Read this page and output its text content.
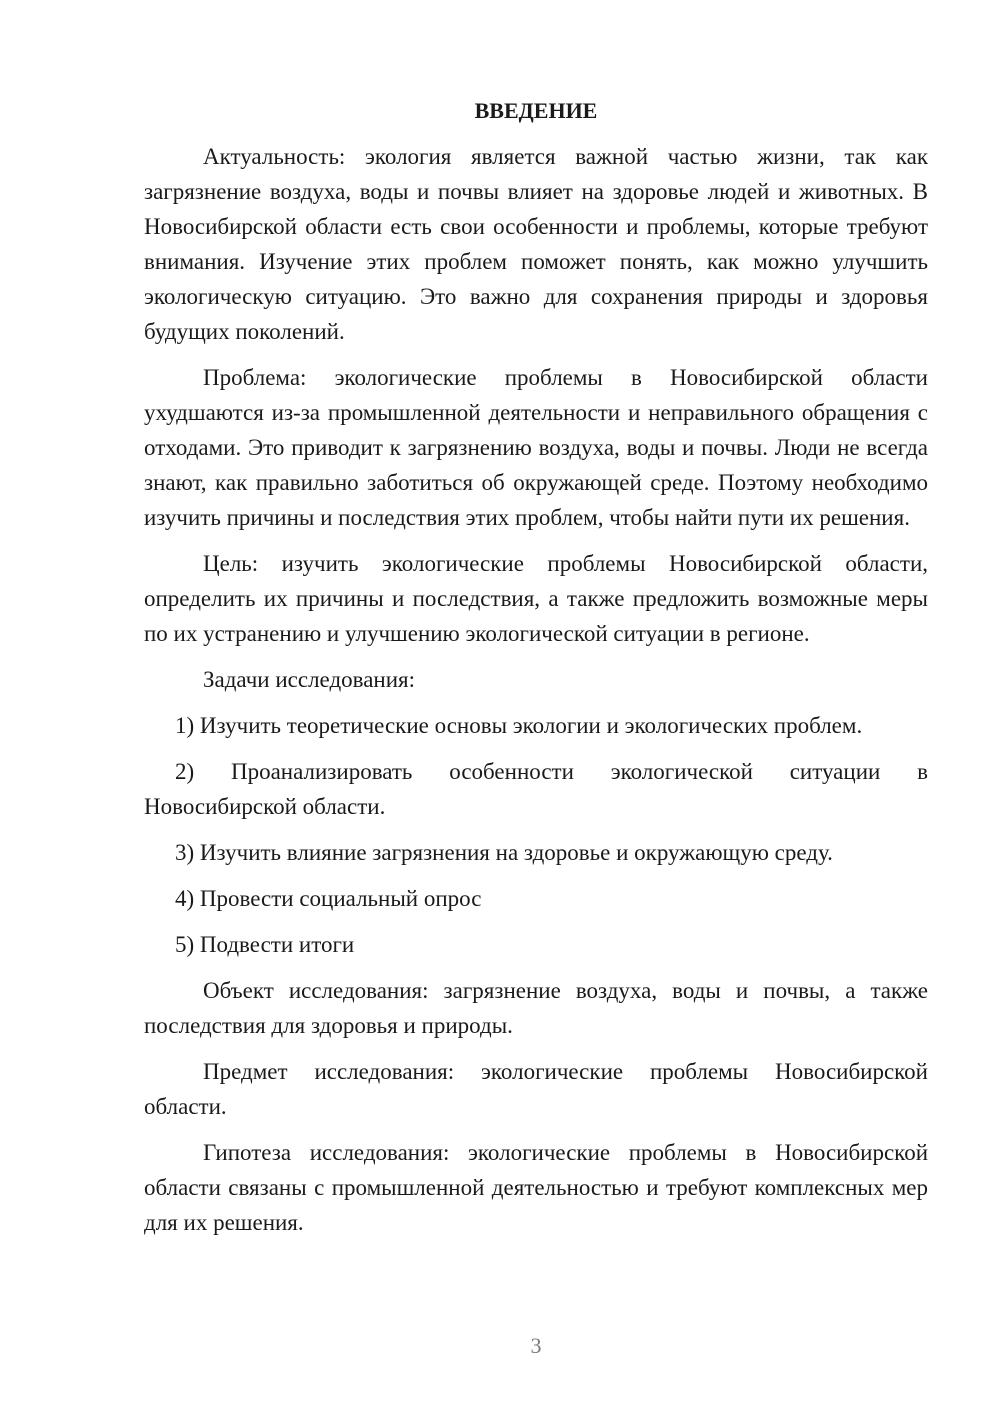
ВВЕДЕНИЕ

Актуальность: экология является важной частью жизни, так как загрязнение воздуха, воды и почвы влияет на здоровье людей и животных. В Новосибирской области есть свои особенности и проблемы, которые требуют внимания. Изучение этих проблем поможет понять, как можно улучшить экологическую ситуацию. Это важно для сохранения природы и здоровья будущих поколений.

Проблема: экологические проблемы в Новосибирской области ухудшаются из-за промышленной деятельности и неправильного обращения с отходами. Это приводит к загрязнению воздуха, воды и почвы. Люди не всегда знают, как правильно заботиться об окружающей среде. Поэтому необходимо изучить причины и последствия этих проблем, чтобы найти пути их решения.

Цель: изучить экологические проблемы Новосибирской области, определить их причины и последствия, а также предложить возможные меры по их устранению и улучшению экологической ситуации в регионе.

Задачи исследования:

1) Изучить теоретические основы экологии и экологических проблем.

2) Проанализировать особенности экологической ситуации в Новосибирской области.

3) Изучить влияние загрязнения на здоровье и окружающую среду.

4) Провести социальный опрос

5) Подвести итоги

Объект исследования: загрязнение воздуха, воды и почвы, а также последствия для здоровья и природы.

Предмет исследования: экологические проблемы Новосибирской области.

Гипотеза исследования: экологические проблемы в Новосибирской области связаны с промышленной деятельностью и требуют комплексных мер для их решения.

3
